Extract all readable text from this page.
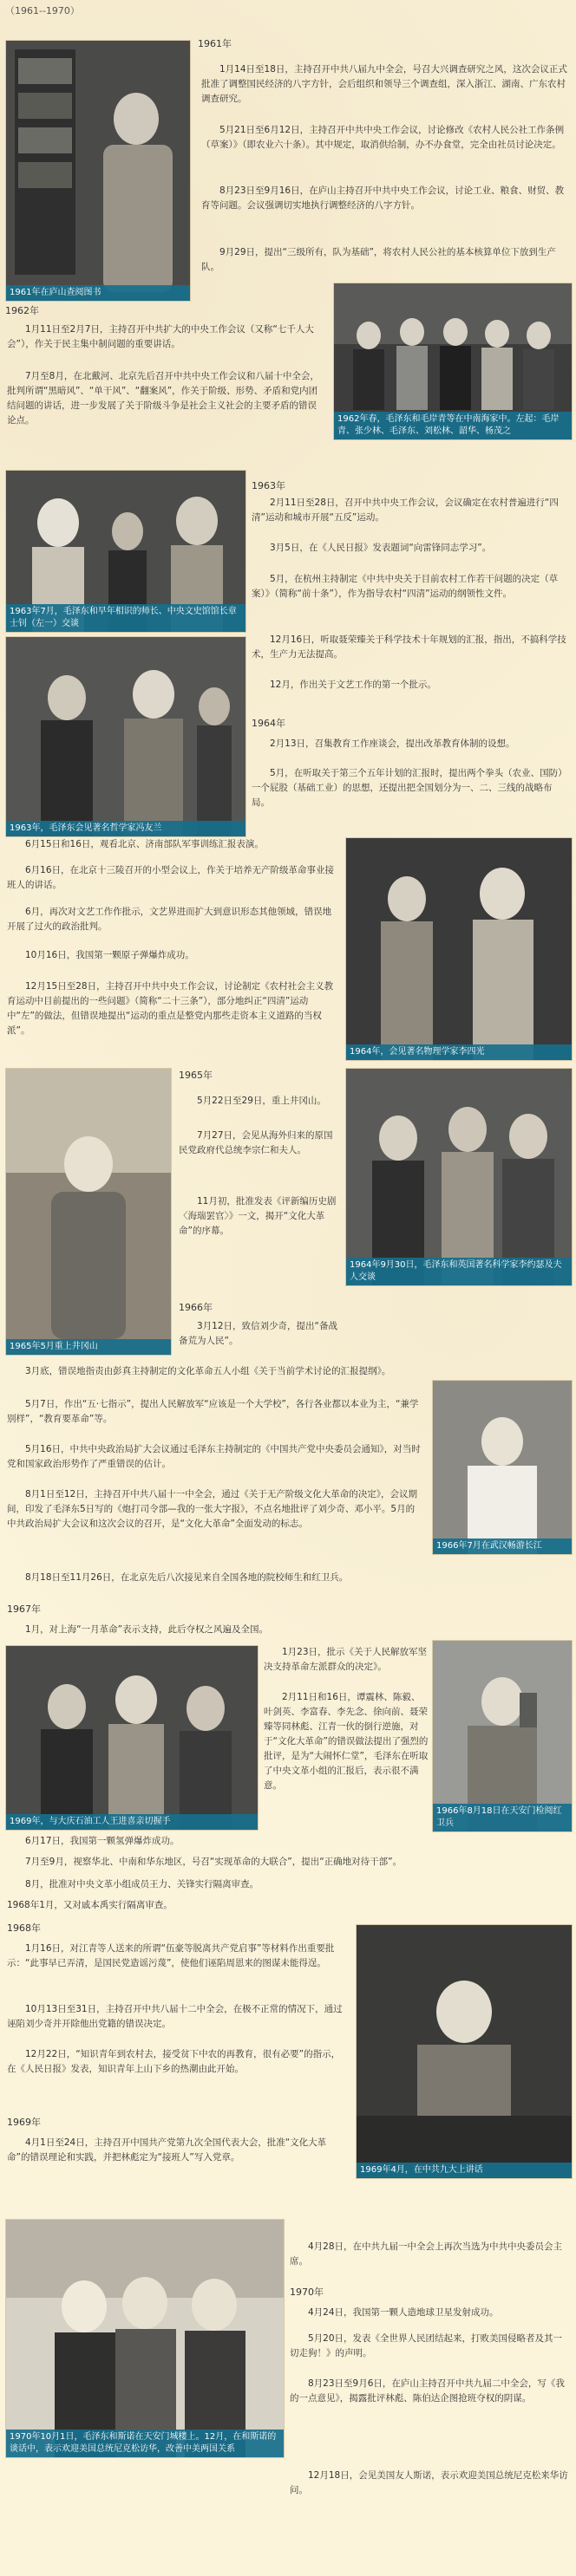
（1961--1970）
1961年
1961年在庐山查阅图书
1月14日至18日，主持召开中共八届九中全会，号召大兴调查研究之风，这次会议正式批准了调整国民经济的八字方针，会后组织和领导三个调查组，深入浙江、湖南、广东农村调查研究。
5月21日至6月12日，主持召开中共中央工作会议，讨论修改《农村人民公社工作条例（草案）》（即农业六十条）。其中规定，取消供给制，办不办食堂，完全由社员讨论决定。
8月23日至9月16日，在庐山主持召开中共中央工作会议，讨论工业、粮食、财贸、教育等问题。会议强调切实地执行调整经济的八字方针。
9月29日，提出“三级所有，队为基础”，将农村人民公社的基本核算单位下放到生产队。
1962年
1962年春，毛泽东和毛岸青等在中南海家中。左起：毛岸青、张少林、毛泽东、刘松林、韶华、杨茂之
1月11日至2月7日，主持召开中共扩大的中央工作会议（又称“七千人大会”），作关于民主集中制问题的重要讲话。
7月至8月，在北戴河、北京先后召开中共中央工作会议和八届十中全会，批判所谓“黑暗风”、“单干风”、“翻案风”，作关于阶级、形势、矛盾和党内团结问题的讲话，进一步发展了关于阶级斗争是社会主义社会的主要矛盾的错误论点。
1963年
1963年7月，毛泽东和早年相识的师长、中央文史馆馆长章士钊（左一）交谈
2月11日至28日，召开中共中央工作会议，会议确定在农村普遍进行“四清”运动和城市开展“五反”运动。
3月5日，在《人民日报》发表题词“向雷锋同志学习”。
5月，在杭州主持制定《中共中央关于目前农村工作若干问题的决定（草案）》（简称“前十条”），作为指导农村“四清”运动的纲领性文件。
12月16日，听取聂荣臻关于科学技术十年规划的汇报，指出，不搞科学技术，生产力无法提高。
12月，作出关于文艺工作的第一个批示。
1963年，毛泽东会见著名哲学家冯友兰
1964年
2月13日，召集教育工作座谈会，提出改革教育体制的设想。
5月，在听取关于第三个五年计划的汇报时，提出两个拳头（农业、国防）一个屁股（基础工业）的思想，还提出把全国划分为一、二、三线的战略布局。
1964年，会见著名物理学家李四光
6月15日和16日，观看北京、济南部队军事训练汇报表演。
6月16日，在北京十三陵召开的小型会议上，作关于培养无产阶级革命事业接班人的讲话。
6月，再次对文艺工作作批示，文艺界进而扩大到意识形态其他领域，错误地开展了过火的政治批判。
10月16日，我国第一颗原子弹爆炸成功。
12月15日至28日，主持召开中共中央工作会议，讨论制定《农村社会主义教育运动中目前提出的一些问题》（简称“二十三条”），部分地纠正“四清”运动中“左”的做法，但错误地提出“运动的重点是整党内那些走资本主义道路的当权派”。
1965年
1965年5月重上井冈山
5月22日至29日，重上井冈山。
7月27日，会见从海外归来的原国民党政府代总统李宗仁和夫人。
11月初，批准发表《评新编历史剧〈海瑞罢官〉》一文，揭开“文化大革命”的序幕。
1964年9月30日，毛泽东和英国著名科学家李约瑟及夫人交谈
1966年
3月12日，致信刘少奇，提出“备战备荒为人民”。
3月底，错误地指责由彭真主持制定的文化革命五人小组《关于当前学术讨论的汇报提纲》。
1966年7月在武汉畅游长江
5月7日，作出“五·七指示”，提出人民解放军“应该是一个大学校”，各行各业都以本业为主，“兼学别样”，“教育要革命”等。
5月16日，中共中央政治局扩大会议通过毛泽东主持制定的《中国共产党中央委员会通知》，对当时党和国家政治形势作了严重错误的估计。
8月1日至12日，主持召开中共八届十一中全会，通过《关于无产阶级文化大革命的决定》，会议期间，印发了毛泽东5日写的《炮打司令部—我的一张大字报》，不点名地批评了刘少奇、邓小平。5月的中共政治局扩大会议和这次会议的召开，是“文化大革命”全面发动的标志。
8月18日至11月26日，在北京先后八次接见来自全国各地的院校师生和红卫兵。
1967年
1月，对上海“一月革命”表示支持，此后夺权之风遍及全国。
1969年，与大庆石油工人王进喜亲切握手
1月23日，批示《关于人民解放军坚决支持革命左派群众的决定》。
2月11日和16日，谭震林、陈毅、叶剑英、李富春、李先念、徐向前、聂荣臻等同林彪、江青一伙的倒行逆施，对于“文化大革命”的错误做法提出了强烈的批评，是为“大闹怀仁堂”，毛泽东在听取了中央文革小组的汇报后，表示很不满意。
1966年8月18日在天安门检阅红卫兵
6月17日，我国第一颗氢弹爆炸成功。
7月至9月，视察华北、中南和华东地区，号召“实现革命的大联合”，提出“正确地对待干部”。
8月，批准对中央文革小组成员王力、关锋实行隔离审查。
1968年1月，又对戚本禹实行隔离审查。
1968年
1969年4月，在中共九大上讲话
1月16日，对江青等人送来的所谓“伍豪等脱离共产党启事”等材料作出重要批示：“此事早已弄清，是国民党造谣污蔑”，使他们诬陷周恩来的图谋未能得逞。
10月13日至31日，主持召开中共八届十二中全会，在极不正常的情况下，通过诬陷刘少奇并开除他出党籍的错误决定。
12月22日，“知识青年到农村去，接受贫下中农的再教育，很有必要”的指示，在《人民日报》发表，知识青年上山下乡的热潮由此开始。
1969年
4月1日至24日，主持召开中国共产党第九次全国代表大会，批准“文化大革命”的错误理论和实践，并把林彪定为“接班人”写入党章。
1970年10月1日，毛泽东和斯诺在天安门城楼上。12月，在和斯诺的谈话中，表示欢迎美国总统尼克松访华，改善中美两国关系
4月28日，在中共九届一中全会上再次当选为中共中央委员会主席。
1970年
4月24日，我国第一颗人造地球卫星发射成功。
5月20日，发表《全世界人民团结起来，打败美国侵略者及其一切走狗！》的声明。
8月23日至9月6日，在庐山主持召开中共九届二中全会，写《我的一点意见》，揭露批评林彪、陈伯达企图抢班夺权的阴谋。
12月18日，会见美国友人斯诺，表示欢迎美国总统尼克松来华访问。
